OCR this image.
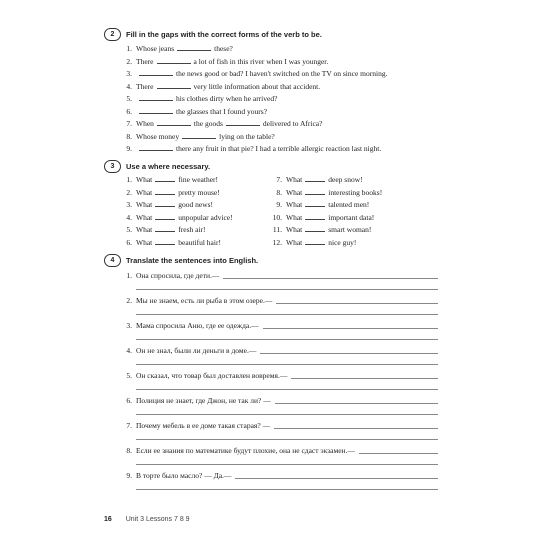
2	Fill in the gaps with the correct forms of the verb to be.
1. Whose jeans	these?
2. There	a lot of fish in this river when I was younger.
3.	the news good or bad? I haven't switched on the TV on since morning.
4. There	very little information about that accident.
5.	his clothes dirty when he arrived?
6.	the glasses that I found yours?
7. When	the goods	delivered to Africa?
8. Whose money	lying on the table?
9.	there any fruit in that pie? I had a terrible allergic reaction last night.
3	Use a where necessary.
1. What	fine weather!
2. What	pretty mouse!
3. What	good news!
4. What	unpopular advice!
5. What	fresh air!
6. What	beautiful hair!
7. What	deep snow!
8. What	interesting books!
9. What	talented men!
10. What	important data!
11. What	smart woman!
12. What	nice guy!
4	Translate the sentences into English.
1. Она спросила, где дети.—
2. Мы не знаем, есть ли рыба в этом озере.—
3. Мама спросила Аню, где ее одежда.—
4. Он не знал, были ли деньги в доме.—
5. Он сказал, что товар был доставлен вовремя.—
6. Полиция не знает, где Джон, не так ли? —
7. Почему мебель в ее доме такая старая? —
8. Если ее знания по математике будут плохие, она не сдаст экзамен.—
9. В торте было масло? — Да.—
16 Unit 3 Lessons 7 8 9
